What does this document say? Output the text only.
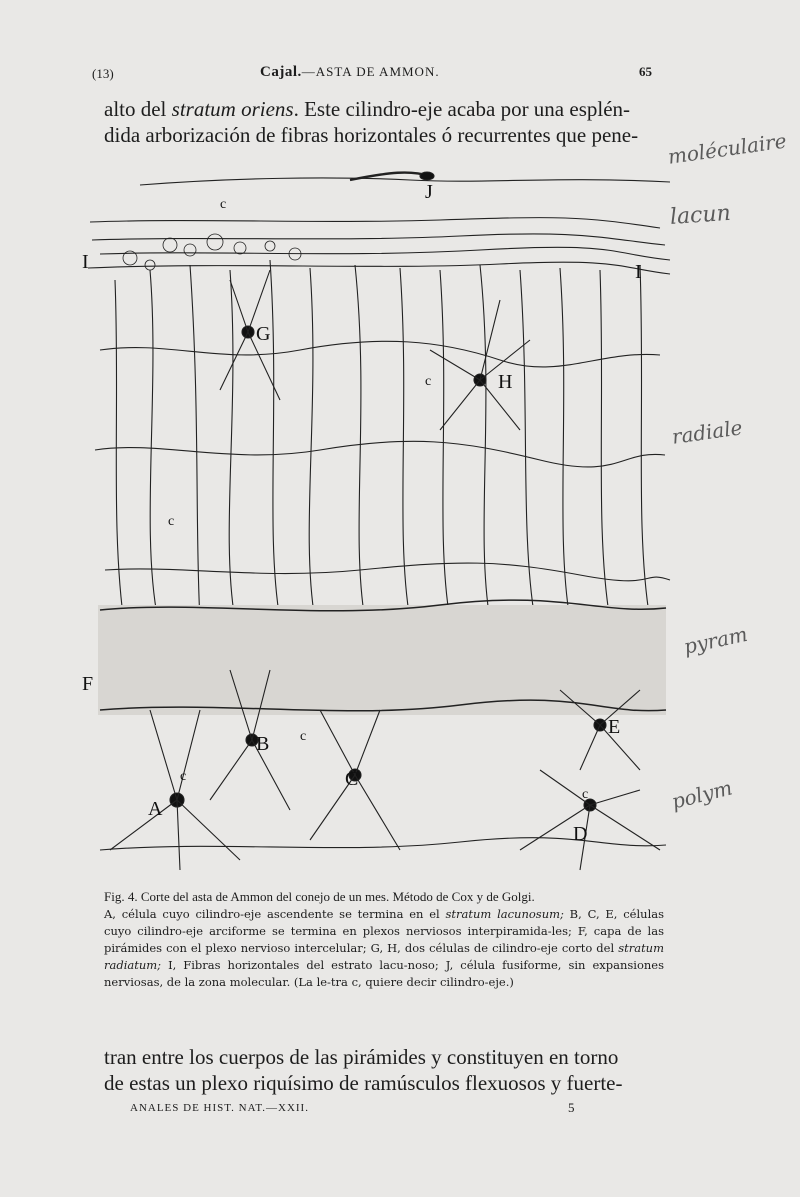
(13)	Cajal.—ASTA DE AMMON.	65
alto del stratum oriens. Este cilindro-eje acaba por una esplén-
dida arborización de fibras horizontales ó recurrentes que pene-
J
I	I
G
H
F
E
B
C
A
D
c
c
c
c
c
c
Fig. 4. Corte del asta de Ammon del conejo de un mes. Método de Cox y de Golgi.
A, célula cuyo cilindro-eje ascendente se termina en el stratum lacunosum; B, C, E, células cuyo cilindro-eje arciforme se termina en plexos nerviosos interpiramida-les; F, capa de las pirámides con el plexo nervioso intercelular; G, H, dos células de cilindro-eje corto del stratum radiatum; I, Fibras horizontales del estrato lacu-noso; J, célula fusiforme, sin expansiones nerviosas, de la zona molecular. (La le-tra c, quiere decir cilindro-eje.)
tran entre los cuerpos de las pirámides y constituyen en torno
de estas un plexo riquísimo de ramúsculos flexuosos y fuerte-
ANALES DE HIST. NAT.—XXII.	5
moléculaire
lacun
radiale
pyram
polym
